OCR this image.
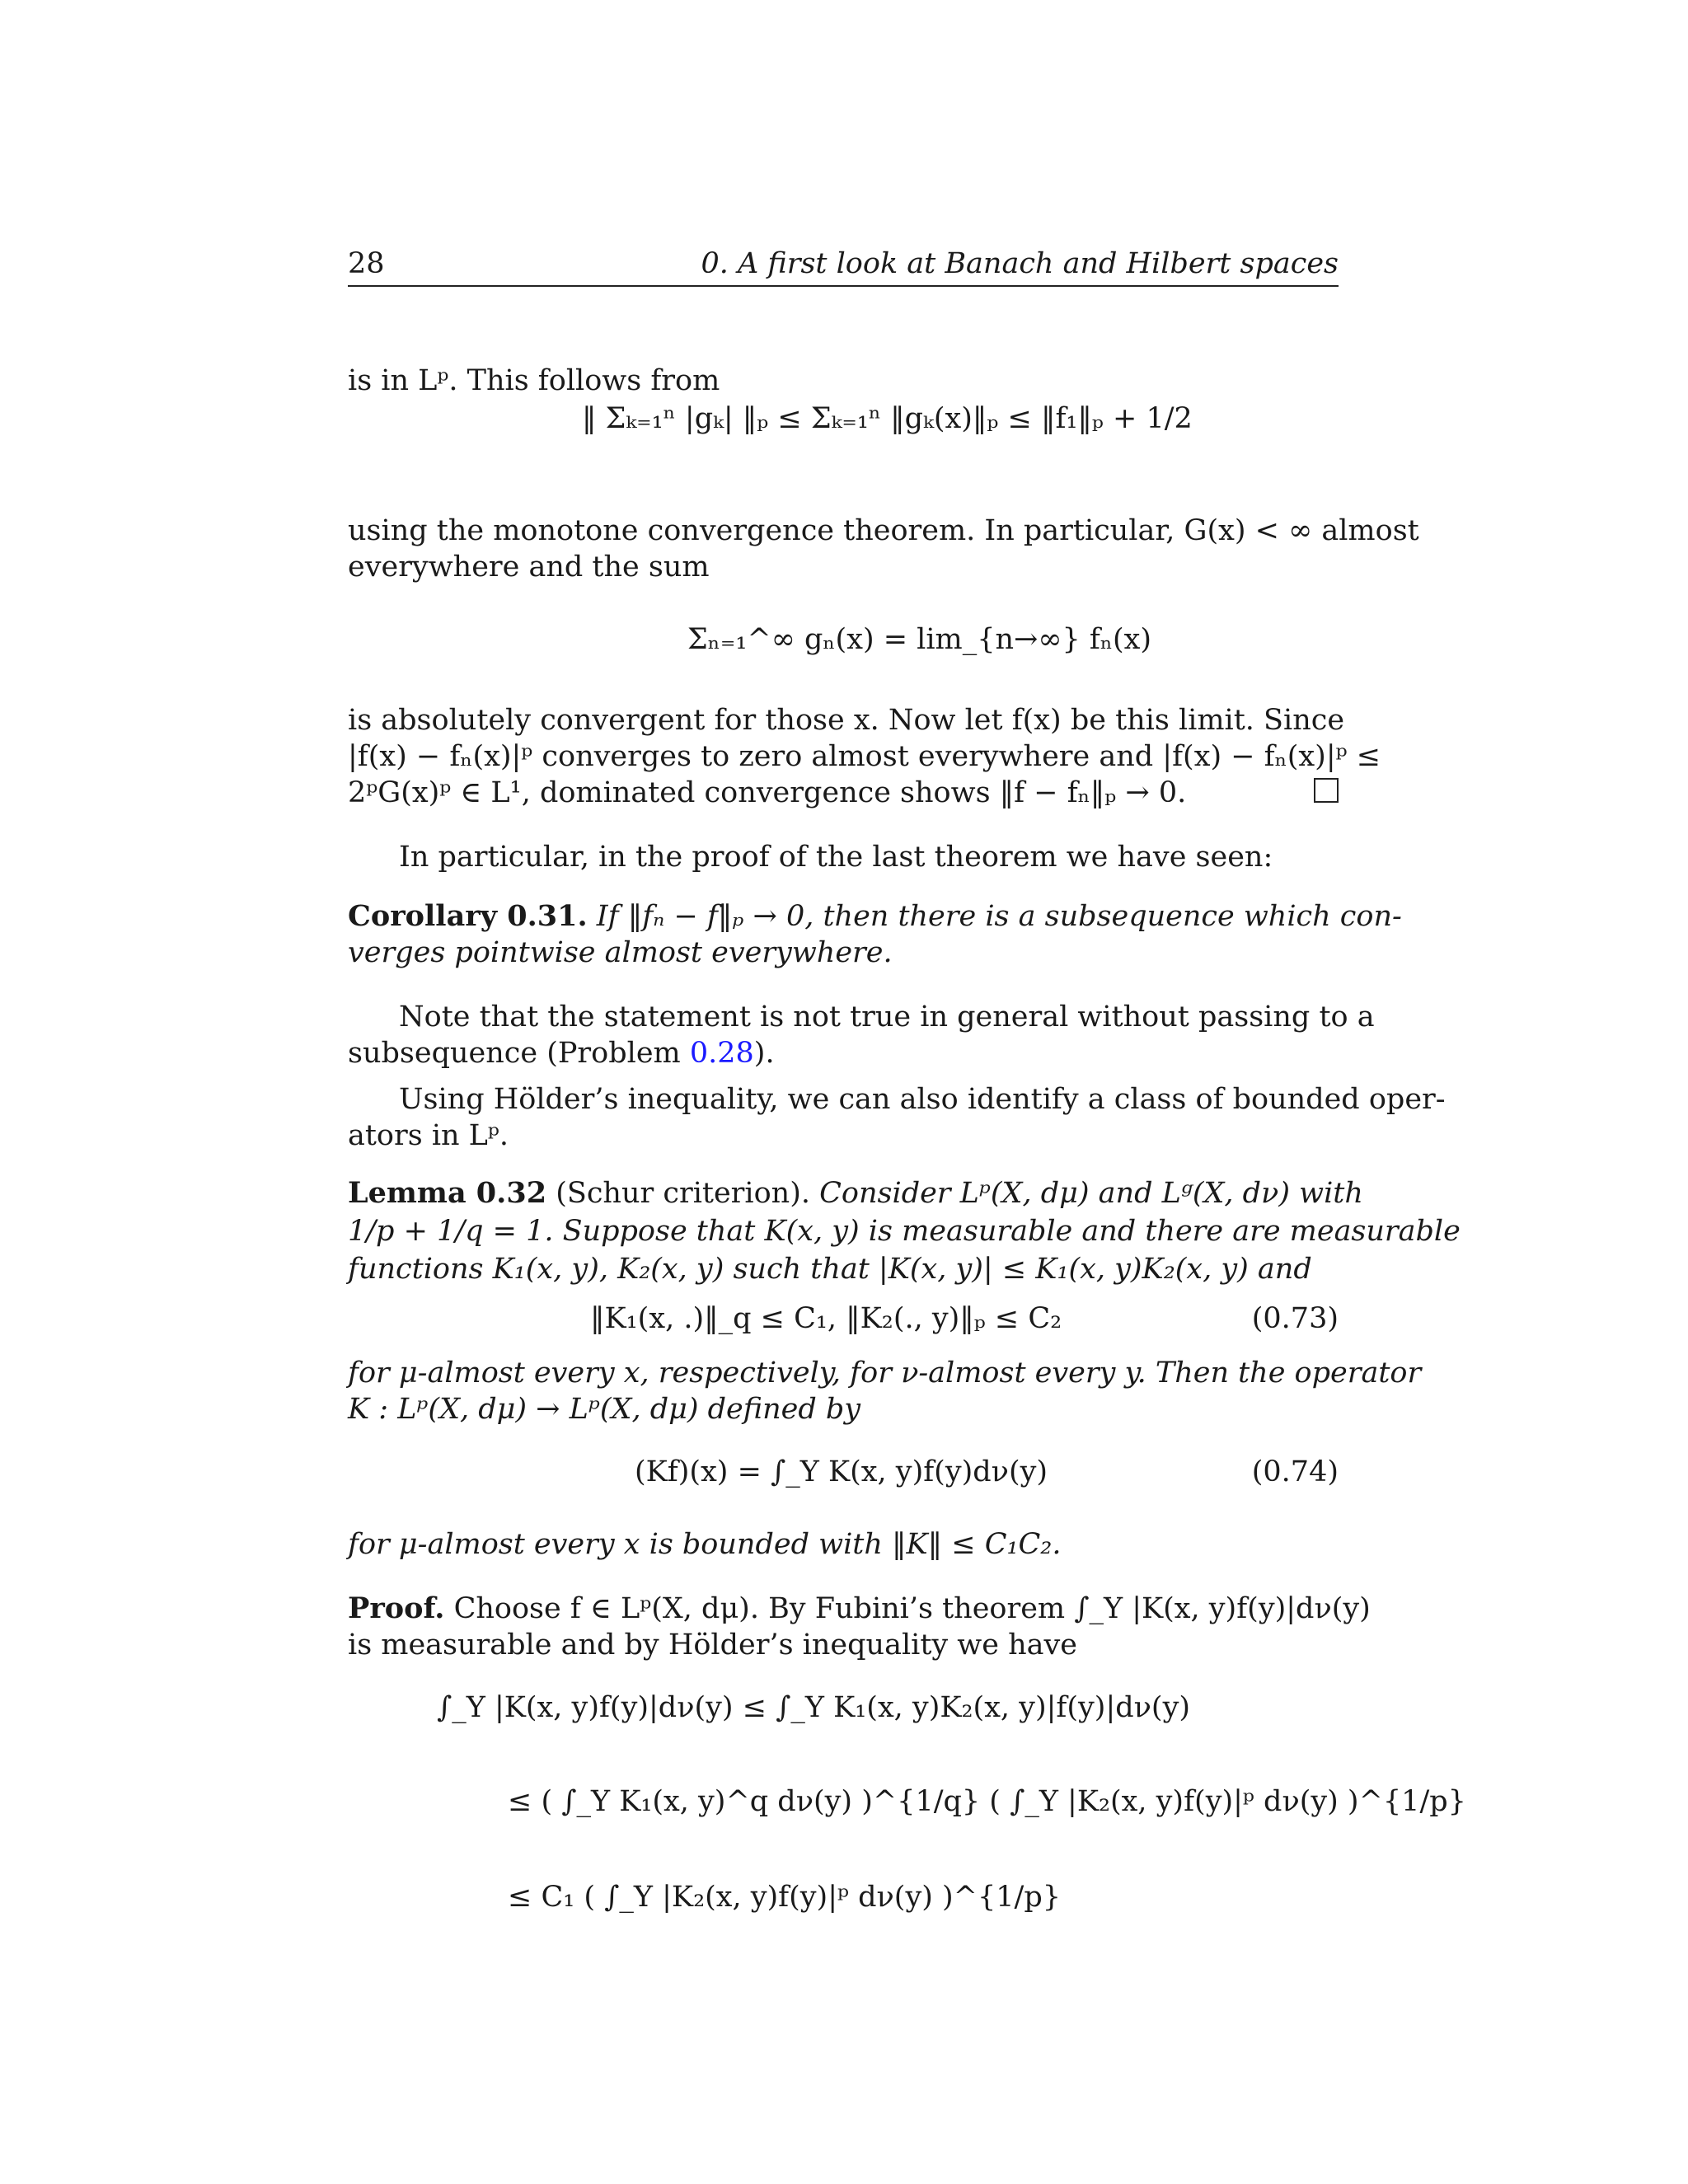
28	0. A first look at Banach and Hilbert spaces
is in Lᵖ. This follows from
‖ Σₖ₌₁ⁿ |gₖ| ‖ₚ ≤ Σₖ₌₁ⁿ ‖gₖ(x)‖ₚ ≤ ‖f₁‖ₚ + 1/2
using the monotone convergence theorem. In particular, G(x) < ∞ almost
everywhere and the sum
Σₙ₌₁^∞ gₙ(x) = lim_{n→∞} fₙ(x)
is absolutely convergent for those x. Now let f(x) be this limit. Since
|f(x) − fₙ(x)|ᵖ converges to zero almost everywhere and |f(x) − fₙ(x)|ᵖ ≤
2ᵖG(x)ᵖ ∈ L¹, dominated convergence shows ‖f − fₙ‖ₚ → 0.
In particular, in the proof of the last theorem we have seen:
Corollary 0.31. If ‖fₙ − f‖ₚ → 0, then there is a subsequence which con-
verges pointwise almost everywhere.
Note that the statement is not true in general without passing to a
subsequence (Problem 0.28).
Using Hölder’s inequality, we can also identify a class of bounded oper-
ators in Lᵖ.
Lemma 0.32 (Schur criterion). Consider Lᵖ(X, dμ) and Lᵍ(X, dν) with
1/p + 1/q = 1. Suppose that K(x, y) is measurable and there are measurable
functions K₁(x, y), K₂(x, y) such that |K(x, y)| ≤ K₁(x, y)K₂(x, y) and
‖K₁(x, .)‖_q ≤ C₁, ‖K₂(., y)‖ₚ ≤ C₂	(0.73)
for μ-almost every x, respectively, for ν-almost every y. Then the operator
K : Lᵖ(X, dμ) → Lᵖ(X, dμ) defined by
(Kf)(x) = ∫_Y K(x, y)f(y)dν(y)	(0.74)
for μ-almost every x is bounded with ‖K‖ ≤ C₁C₂.
Proof. Choose f ∈ Lᵖ(X, dμ). By Fubini’s theorem ∫_Y |K(x, y)f(y)|dν(y)
is measurable and by Hölder’s inequality we have
∫_Y |K(x, y)f(y)|dν(y) ≤ ∫_Y K₁(x, y)K₂(x, y)|f(y)|dν(y)
≤ ( ∫_Y K₁(x, y)^q dν(y) )^{1/q} ( ∫_Y |K₂(x, y)f(y)|ᵖ dν(y) )^{1/p}
≤ C₁ ( ∫_Y |K₂(x, y)f(y)|ᵖ dν(y) )^{1/p}
